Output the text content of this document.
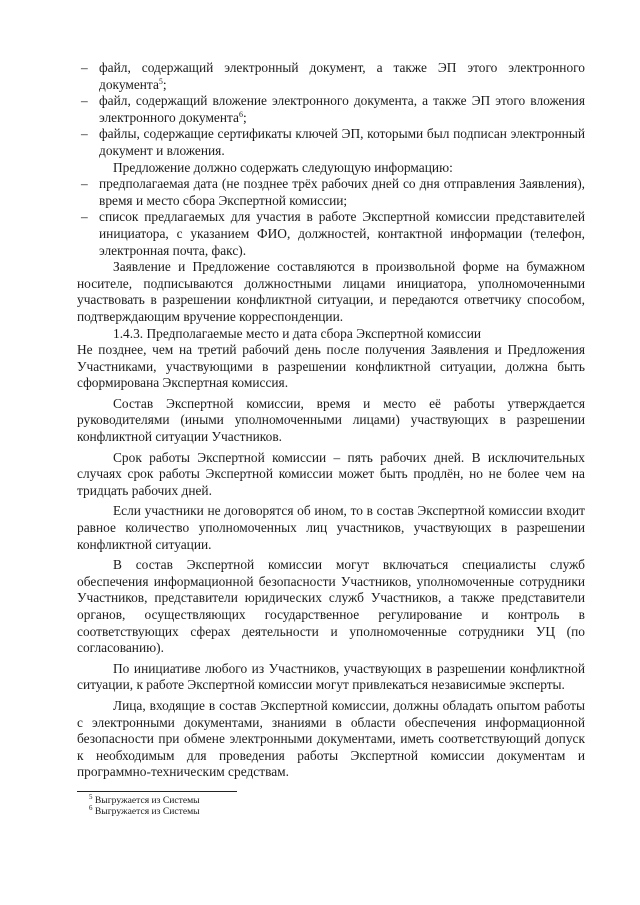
– файл, содержащий электронный документ, а также ЭП этого электронного документа$^5$;
– файл, содержащий вложение электронного документа, а также ЭП этого вложения электронного документа$^6$;
– файлы, содержащие сертификаты ключей ЭП, которыми был подписан электронный документ и вложения.
Предложение должно содержать следующую информацию:
– предполагаемая дата (не позднее трёх рабочих дней со дня отправления Заявления), время и место сбора Экспертной комиссии;
– список предлагаемых для участия в работе Экспертной комиссии представителей инициатора, с указанием ФИО, должностей, контактной информации (телефон, электронная почта, факс).
Заявление и Предложение составляются в произвольной форме на бумажном носителе, подписываются должностными лицами инициатора, уполномоченными участвовать в разрешении конфликтной ситуации, и передаются ответчику способом, подтверждающим вручение корреспонденции.
1.4.3. Предполагаемые место и дата сбора Экспертной комиссии
Не позднее, чем на третий рабочий день после получения Заявления и Предложения Участниками, участвующими в разрешении конфликтной ситуации, должна быть сформирована Экспертная комиссия.
Состав Экспертной комиссии, время и место её работы утверждается руководителями (иными уполномоченными лицами) участвующих в разрешении конфликтной ситуации Участников.
Срок работы Экспертной комиссии – пять рабочих дней. В исключительных случаях срок работы Экспертной комиссии может быть продлён, но не более чем на тридцать рабочих дней.
Если участники не договорятся об ином, то в состав Экспертной комиссии входит равное количество уполномоченных лиц участников, участвующих в разрешении конфликтной ситуации.
В состав Экспертной комиссии могут включаться специалисты служб обеспечения информационной безопасности Участников, уполномоченные сотрудники Участников, представители юридических служб Участников, а также представители органов, осуществляющих государственное регулирование и контроль в соответствующих сферах деятельности и уполномоченные сотрудники УЦ (по согласованию).
По инициативе любого из Участников, участвующих в разрешении конфликтной ситуации, к работе Экспертной комиссии могут привлекаться независимые эксперты.
Лица, входящие в состав Экспертной комиссии, должны обладать опытом работы с электронными документами, знаниями в области обеспечения информационной безопасности при обмене электронными документами, иметь соответствующий допуск к необходимым для проведения работы Экспертной комиссии документам и программно-техническим средствам.
$^5$ Выгружается из Системы
$^6$ Выгружается из Системы
